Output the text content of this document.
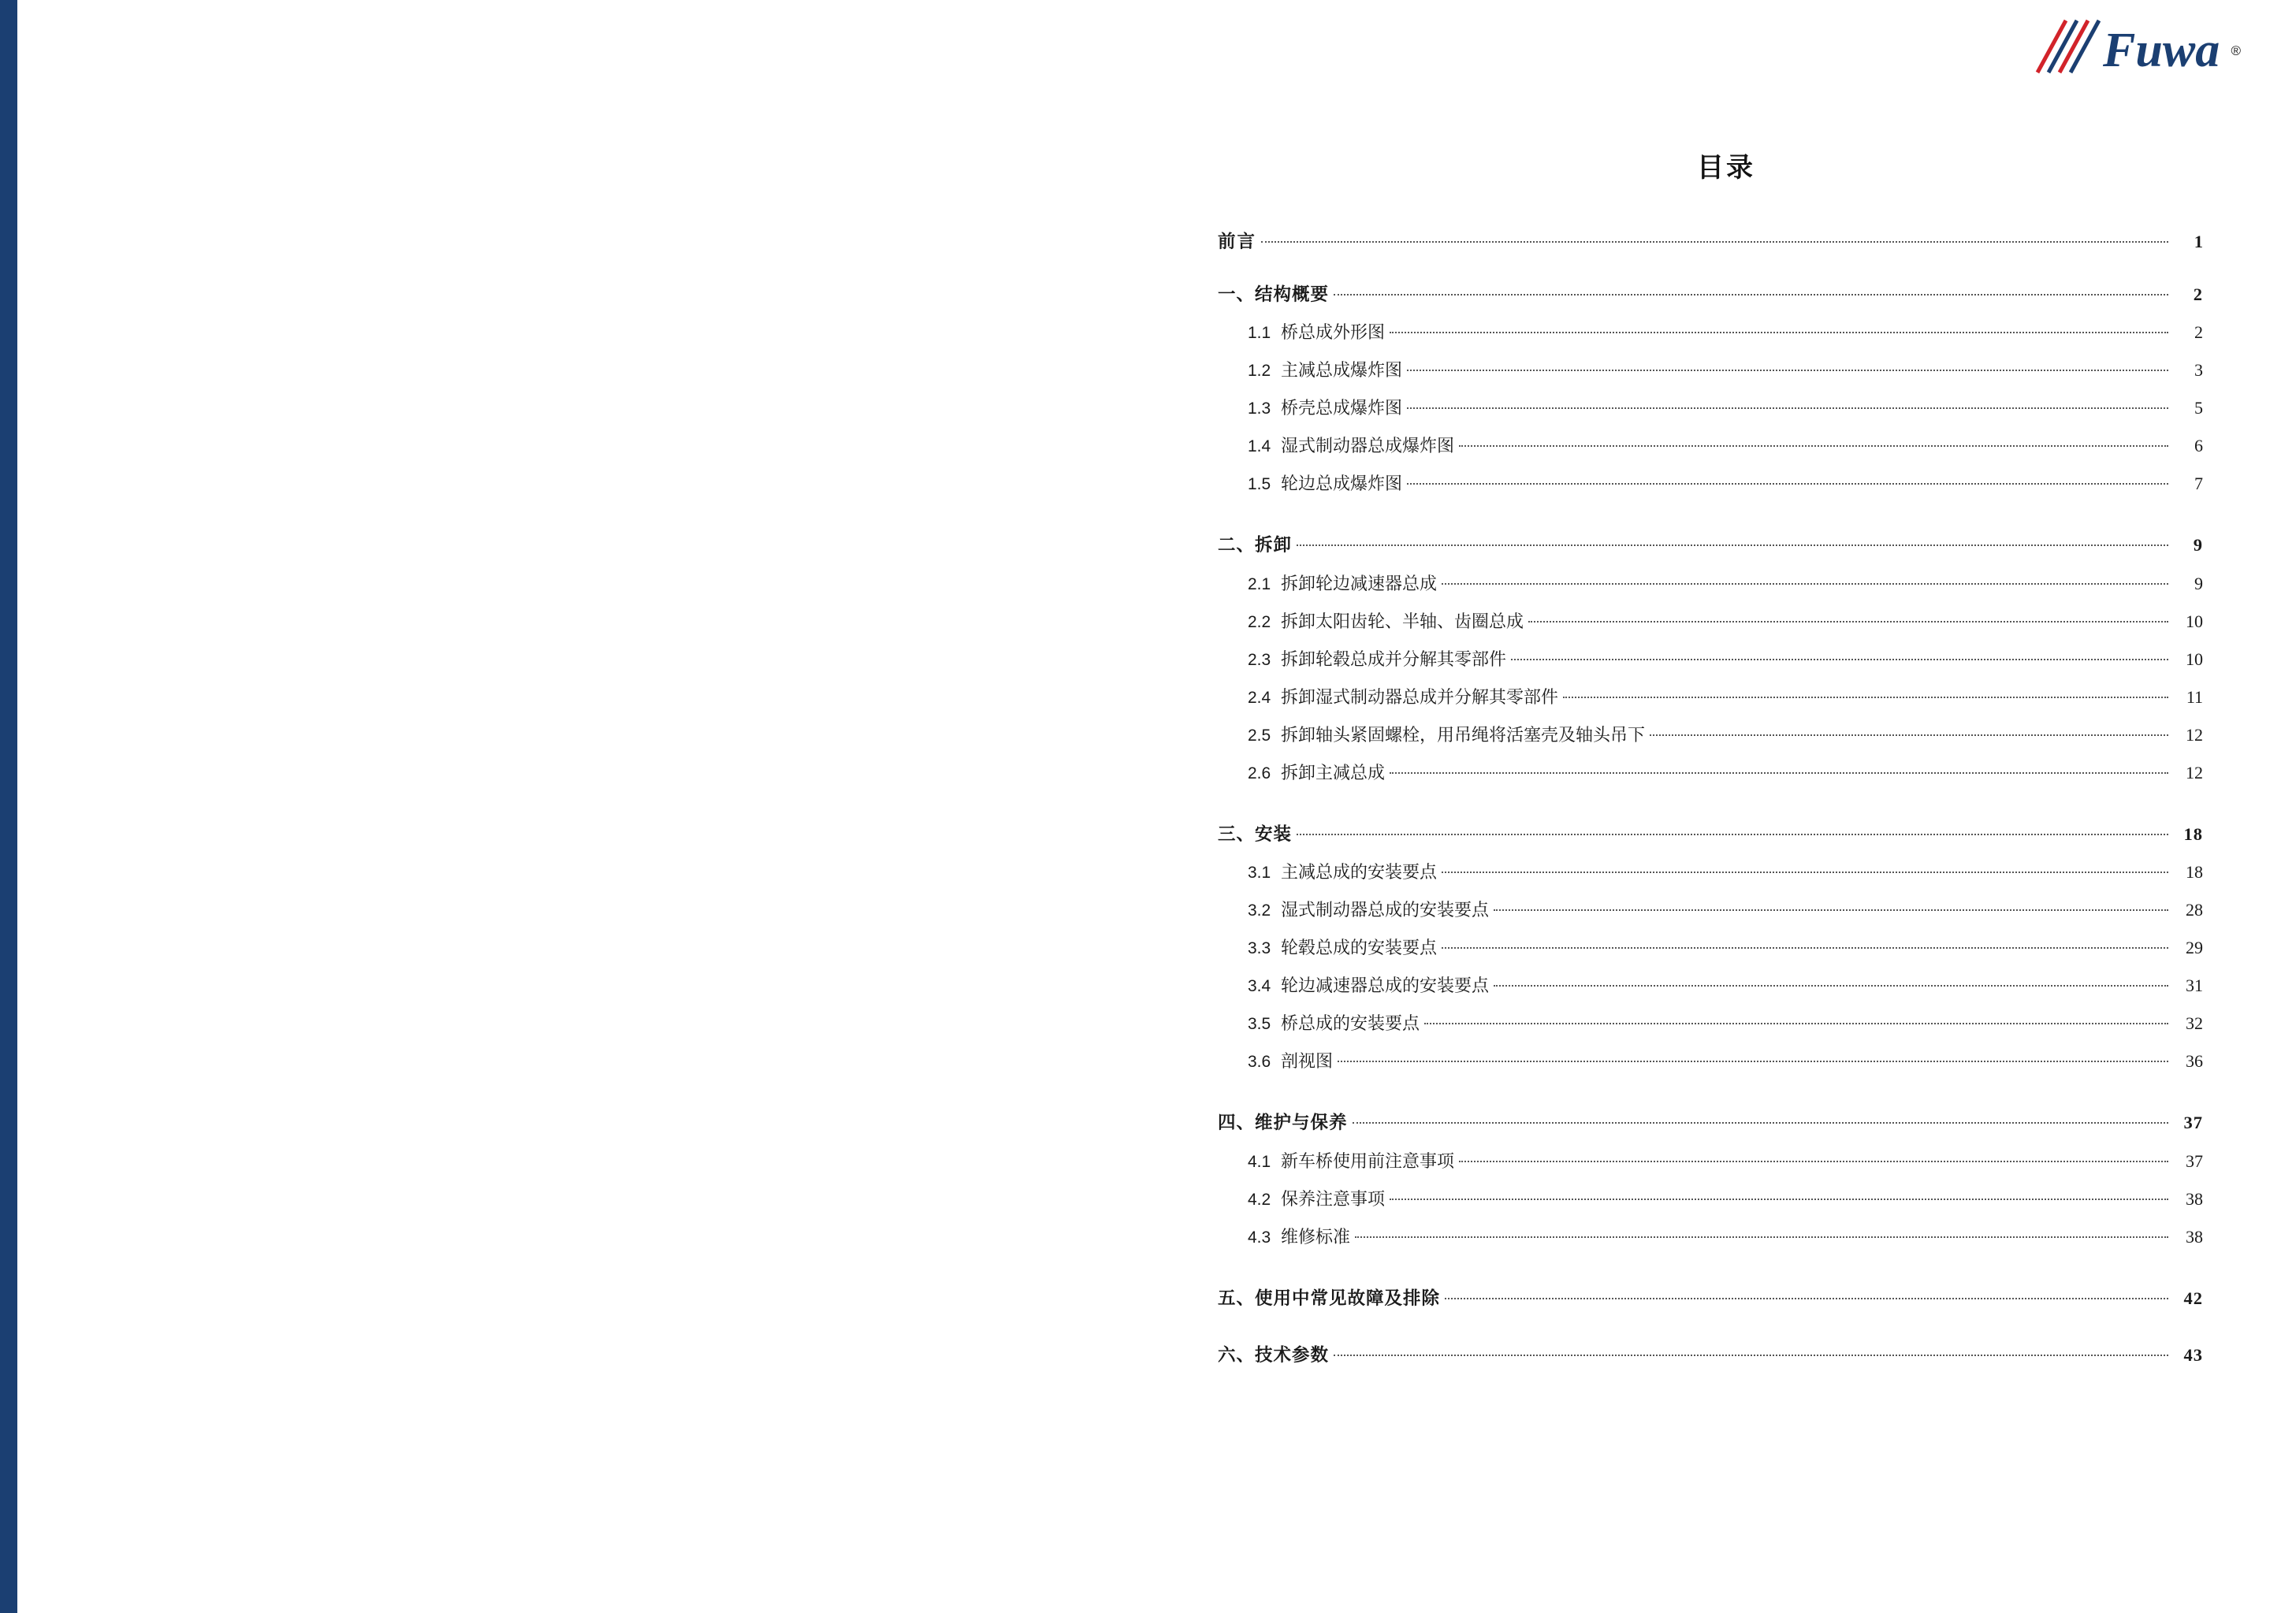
Fuwa ®
目录
前言	1
一、结构概要	2
1.1 桥总成外形图	2
1.2 主减总成爆炸图	3
1.3 桥壳总成爆炸图	5
1.4 湿式制动器总成爆炸图	6
1.5 轮边总成爆炸图	7
二、拆卸	9
2.1 拆卸轮边减速器总成	9
2.2 拆卸太阳齿轮、半轴、齿圈总成	10
2.3 拆卸轮毂总成并分解其零部件	10
2.4 拆卸湿式制动器总成并分解其零部件	11
2.5 拆卸轴头紧固螺栓，用吊绳将活塞壳及轴头吊下	12
2.6 拆卸主减总成	12
三、安装	18
3.1 主减总成的安装要点	18
3.2 湿式制动器总成的安装要点	28
3.3 轮毂总成的安装要点	29
3.4 轮边减速器总成的安装要点	31
3.5 桥总成的安装要点	32
3.6 剖视图	36
四、维护与保养	37
4.1 新车桥使用前注意事项	37
4.2 保养注意事项	38
4.3 维修标准	38
五、使用中常见故障及排除	42
六、技术参数	43
